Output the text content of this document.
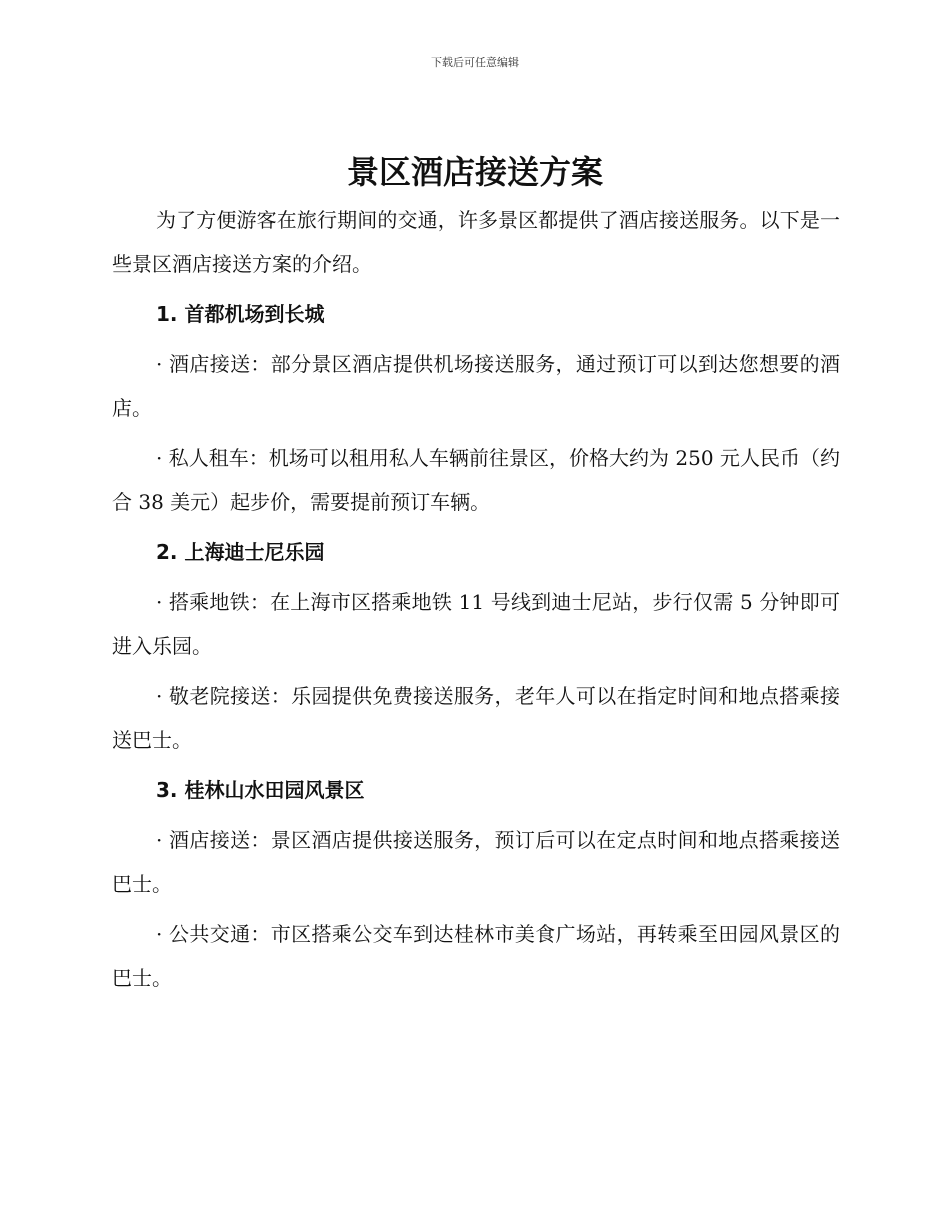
下载后可任意编辑
景区酒店接送方案

为了方便游客在旅行期间的交通，许多景区都提供了酒店接送服务。以下是一些景区酒店接送方案的介绍。

1. 首都机场到长城

· 酒店接送：部分景区酒店提供机场接送服务，通过预订可以到达您想要的酒店。

· 私人租车：机场可以租用私人车辆前往景区，价格大约为 250 元人民币（约合 38 美元）起步价，需要提前预订车辆。

2. 上海迪士尼乐园

· 搭乘地铁：在上海市区搭乘地铁 11 号线到迪士尼站，步行仅需 5 分钟即可进入乐园。

· 敬老院接送：乐园提供免费接送服务，老年人可以在指定时间和地点搭乘接送巴士。

3. 桂林山水田园风景区

· 酒店接送：景区酒店提供接送服务，预订后可以在定点时间和地点搭乘接送巴士。

· 公共交通：市区搭乘公交车到达桂林市美食广场站，再转乘至田园风景区的巴士。
